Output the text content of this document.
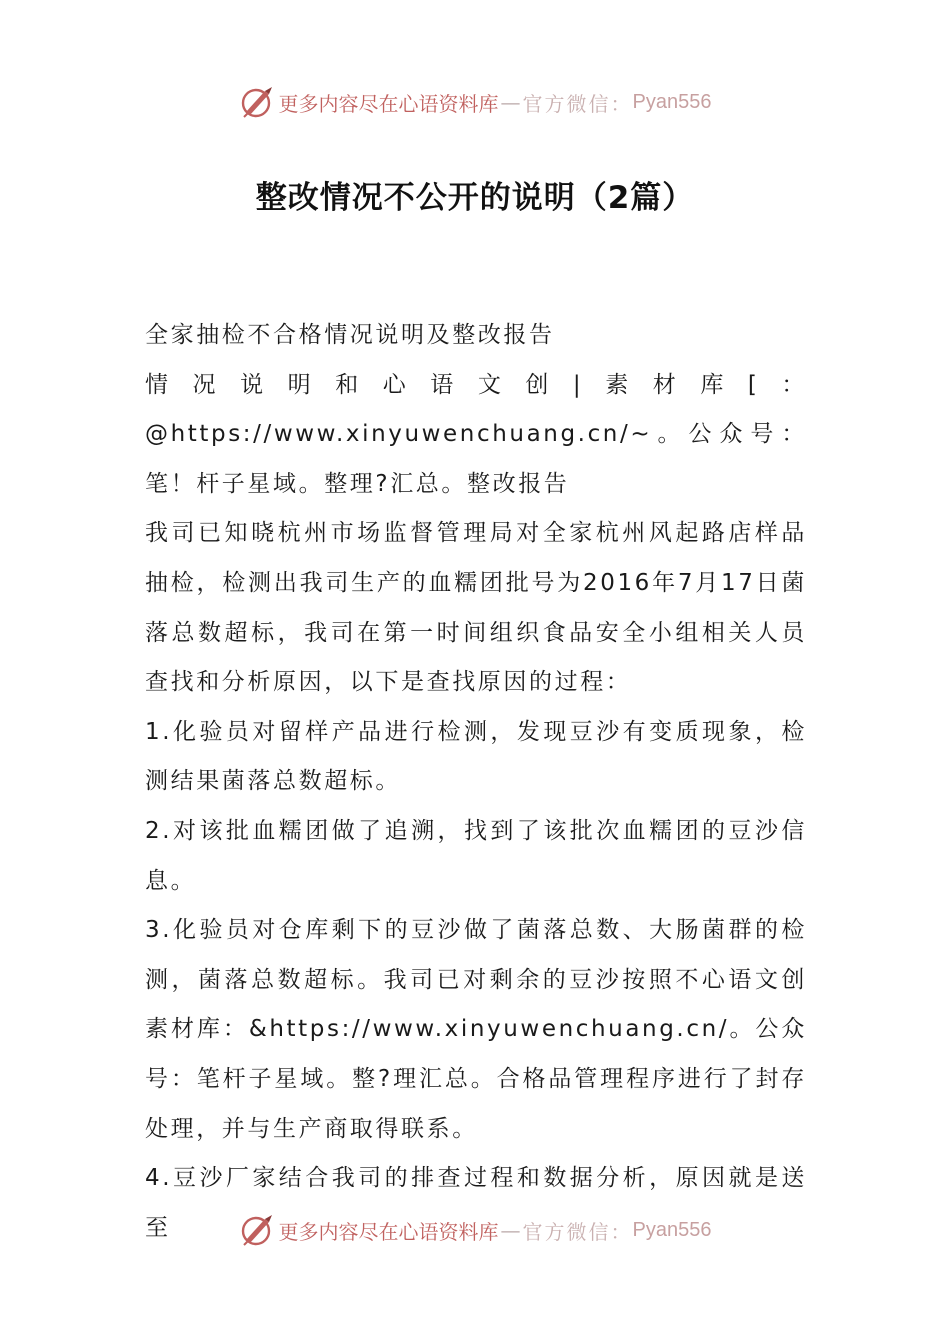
更多内容尽在心语资料库 — 官方微信： Pyan556
整改情况不公开的说明（2篇）

全家抽检不合格情况说明及整改报告

情况说明和心语文创|素材库[：@https://www.xinyuwenchuang.cn/~。公众号：笔！杆子星域。整理?汇总。整改报告

我司已知晓杭州市场监督管理局对全家杭州风起路店样品抽检，检测出我司生产的血糯团批号为2016年7月17日菌落总数超标，我司在第一时间组织食品安全小组相关人员查找和分析原因，以下是查找原因的过程：

1.化验员对留样产品进行检测，发现豆沙有变质现象，检测结果菌落总数超标。

2.对该批血糯团做了追溯，找到了该批次血糯团的豆沙信息。

3.化验员对仓库剩下的豆沙做了菌落总数、大肠菌群的检测，菌落总数超标。我司已对剩余的豆沙按照不心语文创素材库：&https://www.xinyuwenchuang.cn/。公众号：笔杆子星域。整?理汇总。合格品管理程序进行了封存处理，并与生产商取得联系。

4.豆沙厂家结合我司的排查过程和数据分析，原因就是送至	更多内容尽在心语资料库 — 官方微信： Pyan556
